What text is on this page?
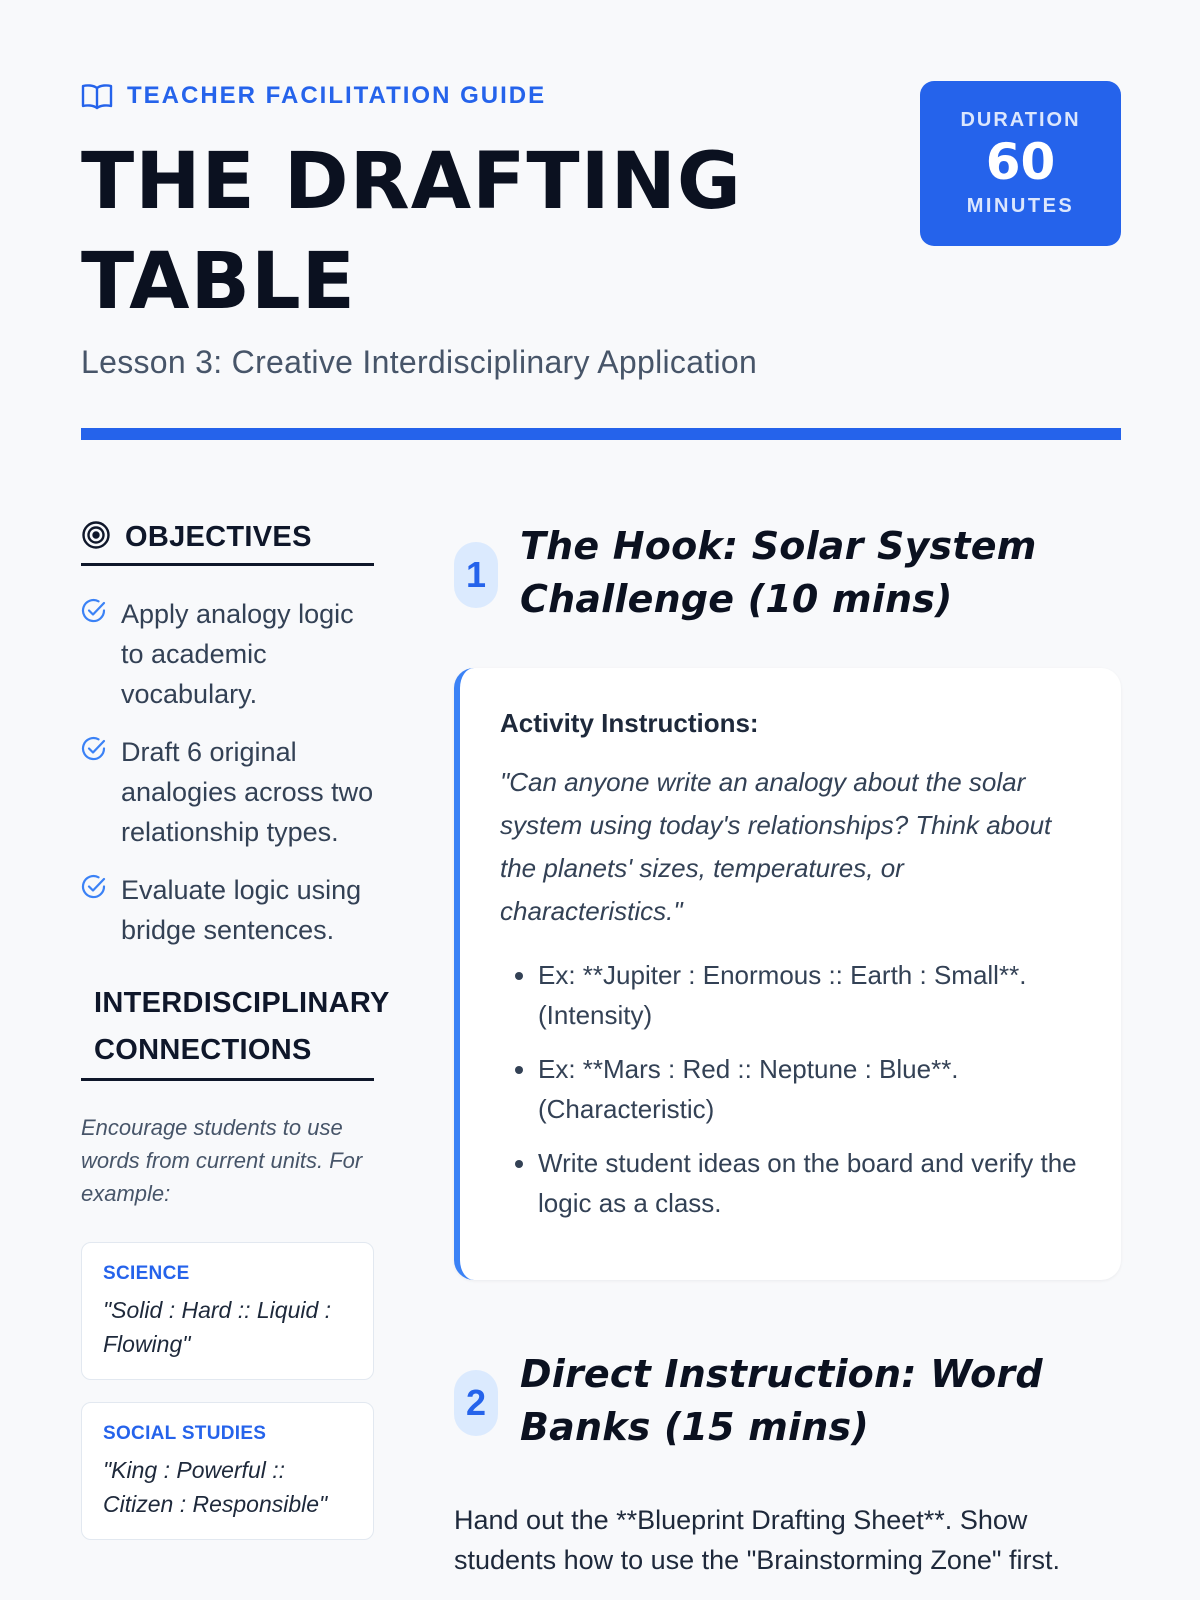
TEACHER FACILITATION GUIDE
THE DRAFTING TABLE
Lesson 3: Creative Interdisciplinary Application
DURATION
60
MINUTES
OBJECTIVES
Apply analogy logic to academic vocabulary.
Draft 6 original analogies across two relationship types.
Evaluate logic using bridge sentences.
INTERDISCIPLINARY CONNECTIONS

Encourage students to use words from current units. For example:

SCIENCE
"Solid : Hard :: Liquid : Flowing"
SOCIAL STUDIES
"King : Powerful :: Citizen : Responsible"
1
The Hook: Solar System Challenge (10 mins)
Activity Instructions:

"Can anyone write an analogy about the solar system using today's relationships? Think about the planets' sizes, temperatures, or characteristics."

• Ex: **Jupiter : Enormous :: Earth : Small**. (Intensity)
• Ex: **Mars : Red :: Neptune : Blue**. (Characteristic)
• Write student ideas on the board and verify the logic as a class.
2
Direct Instruction: Word Banks (15 mins)

Hand out the **Blueprint Drafting Sheet**. Show students how to use the "Brainstorming Zone" first.
